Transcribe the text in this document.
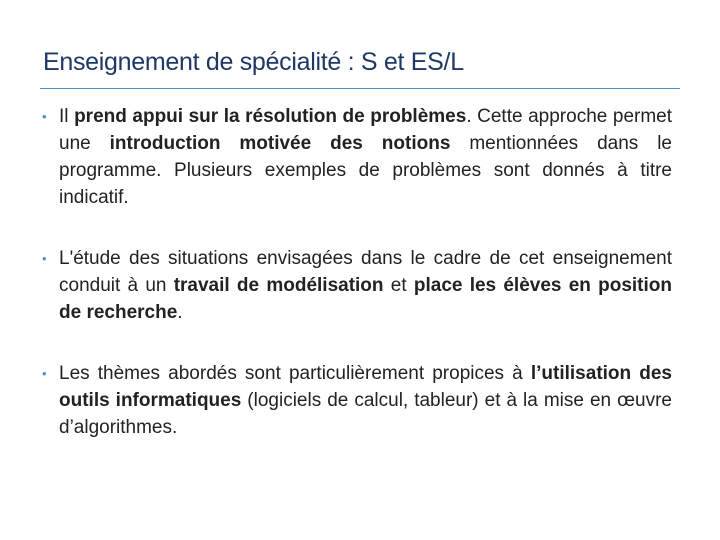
Enseignement de spécialité : S et ES/L
• Il prend appui sur la résolution de problèmes. Cette approche permet une introduction motivée des notions mentionnées dans le programme. Plusieurs exemples de problèmes sont donnés à titre indicatif.
• L'étude des situations envisagées dans le cadre de cet enseignement conduit à un travail de modélisation et place les élèves en position de recherche.
• Les thèmes abordés sont particulièrement propices à l’utilisation des outils informatiques (logiciels de calcul, tableur) et à la mise en œuvre d’algorithmes.
